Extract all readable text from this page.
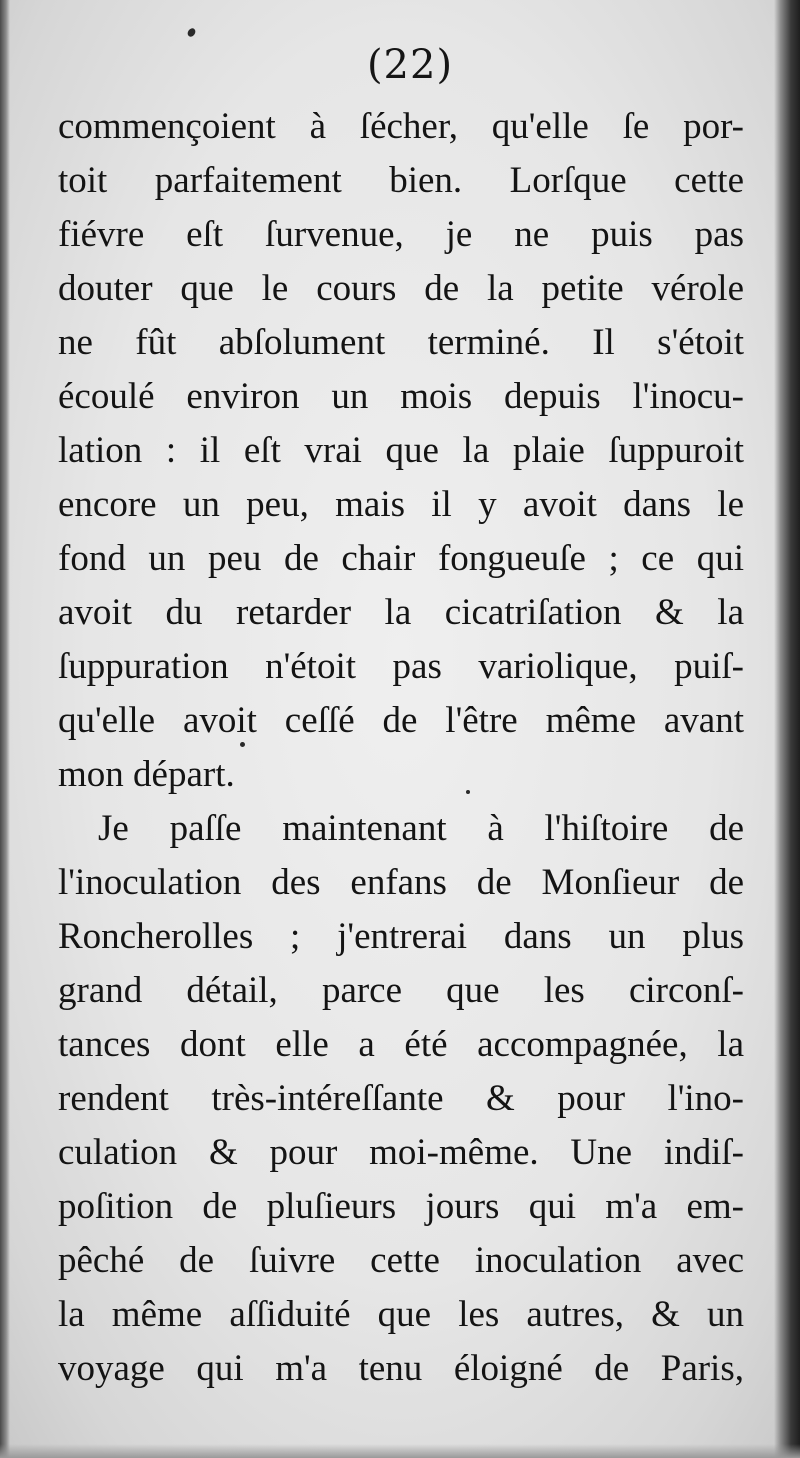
(22)
commençoient à ſécher, qu'elle ſe por-
toit parfaitement bien. Lorſque cette
fiévre eſt ſurvenue, je ne puis pas
douter que le cours de la petite vérole
ne fût abſolument terminé. Il s'étoit
écoulé environ un mois depuis l'inocu-
lation : il eſt vrai que la plaie ſuppuroit
encore un peu, mais il y avoit dans le
fond un peu de chair fongueuſe ; ce qui
avoit du retarder la cicatriſation & la
ſuppuration n'étoit pas variolique, puiſ-
qu'elle avoit ceſſé de l'être même avant
mon départ.
Je paſſe maintenant à l'hiſtoire de
l'inoculation des enfans de Monſieur de
Roncherolles ; j'entrerai dans un plus
grand détail, parce que les circonſ-
tances dont elle a été accompagnée, la
rendent très-intéreſſante & pour l'ino-
culation & pour moi-même. Une indiſ-
poſition de pluſieurs jours qui m'a em-
pêché de ſuivre cette inoculation avec
la même aſſiduité que les autres, & un
voyage qui m'a tenu éloigné de Paris,
